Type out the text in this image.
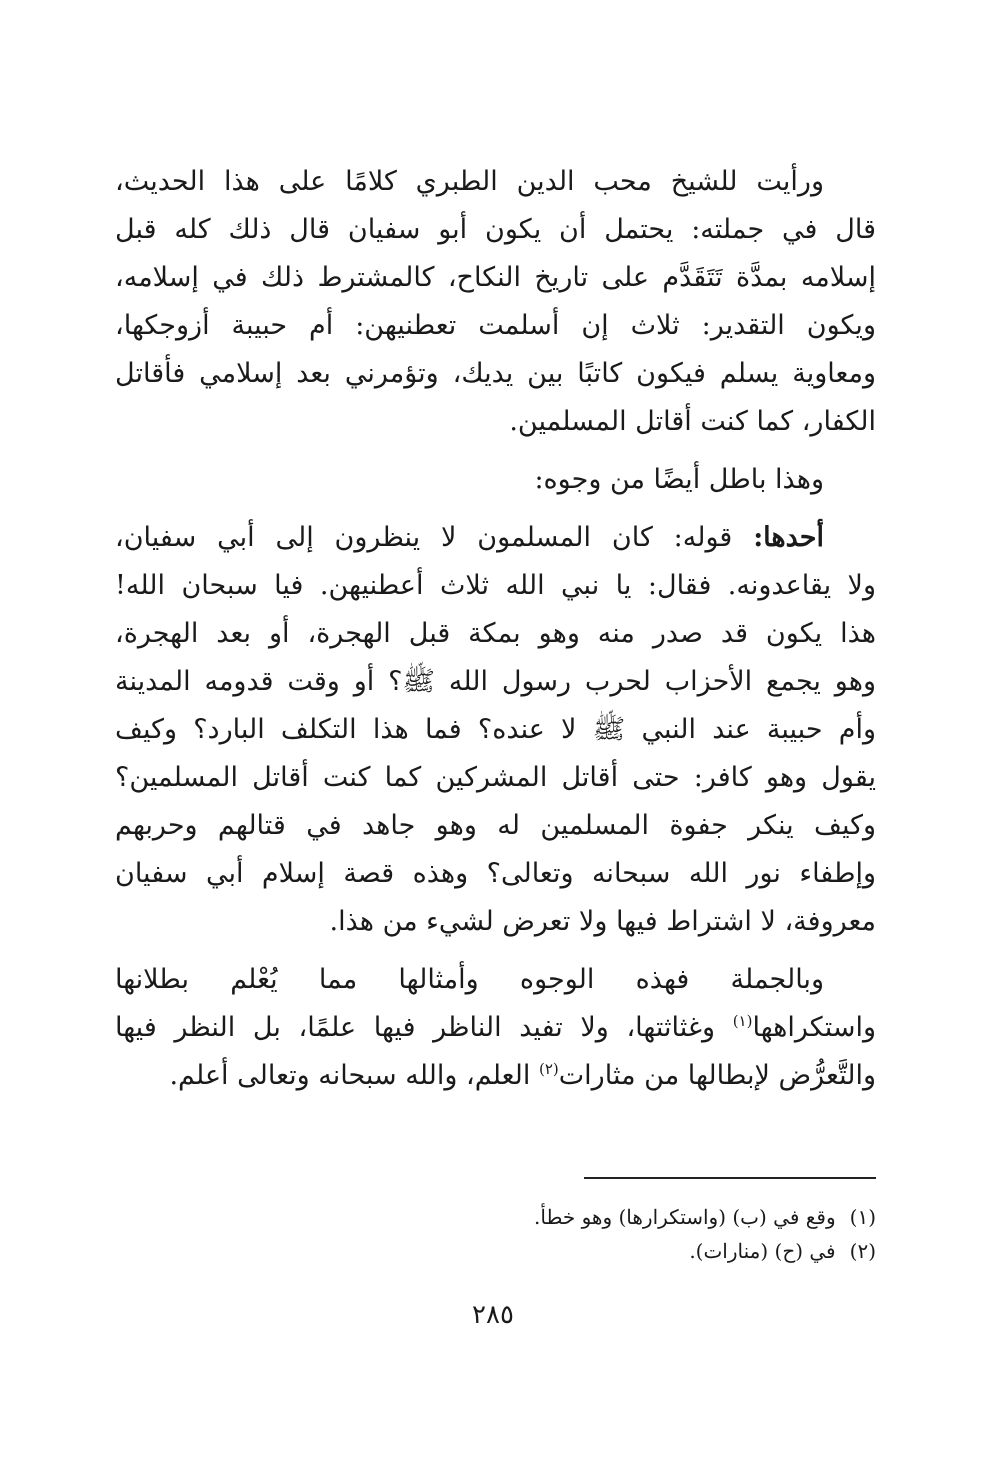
ورأيت للشيخ محب الدين الطبري كلامًا على هذا الحديث،
قال في جملته: يحتمل أن يكون أبو سفيان قال ذلك كله قبل
إسلامه بمدَّة تَتَقَدَّم على تاريخ النكاح، كالمشترط ذلك في إسلامه،
ويكون التقدير: ثلاث إن أسلمت تعطنيهن: أم حبيبة أزوجكها،
ومعاوية يسلم فيكون كاتبًا بين يديك، وتؤمرني بعد إسلامي فأقاتل
الكفار، كما كنت أقاتل المسلمين.
وهذا باطل أيضًا من وجوه:
أحدها: قوله: كان المسلمون لا ينظرون إلى أبي سفيان،
ولا يقاعدونه. فقال: يا نبي الله ثلاث أعطنيهن. فيا سبحان الله!
هذا يكون قد صدر منه وهو بمكة قبل الهجرة، أو بعد الهجرة،
وهو يجمع الأحزاب لحرب رسول الله ﷺ؟ أو وقت قدومه المدينة
وأم حبيبة عند النبي ﷺ لا عنده؟ فما هذا التكلف البارد؟ وكيف
يقول وهو كافر: حتى أقاتل المشركين كما كنت أقاتل المسلمين؟
وكيف ينكر جفوة المسلمين له وهو جاهد في قتالهم وحربهم
وإطفاء نور الله سبحانه وتعالى؟ وهذه قصة إسلام أبي سفيان
معروفة، لا اشتراط فيها ولا تعرض لشيء من هذا.
وبالجملة فهذه الوجوه وأمثالها مما يُعْلم بطلانها
واستكراهها$^{(١)}$ وغثاثتها، ولا تفيد الناظر فيها علمًا، بل النظر فيها
والتَّعرُّض لإبطالها من مثارات$^{(٢)}$ العلم، والله سبحانه وتعالى أعلم.
(١)وقع في (ب) (واستكرارها) وهو خطأ.
(٢)في (ح) (منارات).
٢٨٥
